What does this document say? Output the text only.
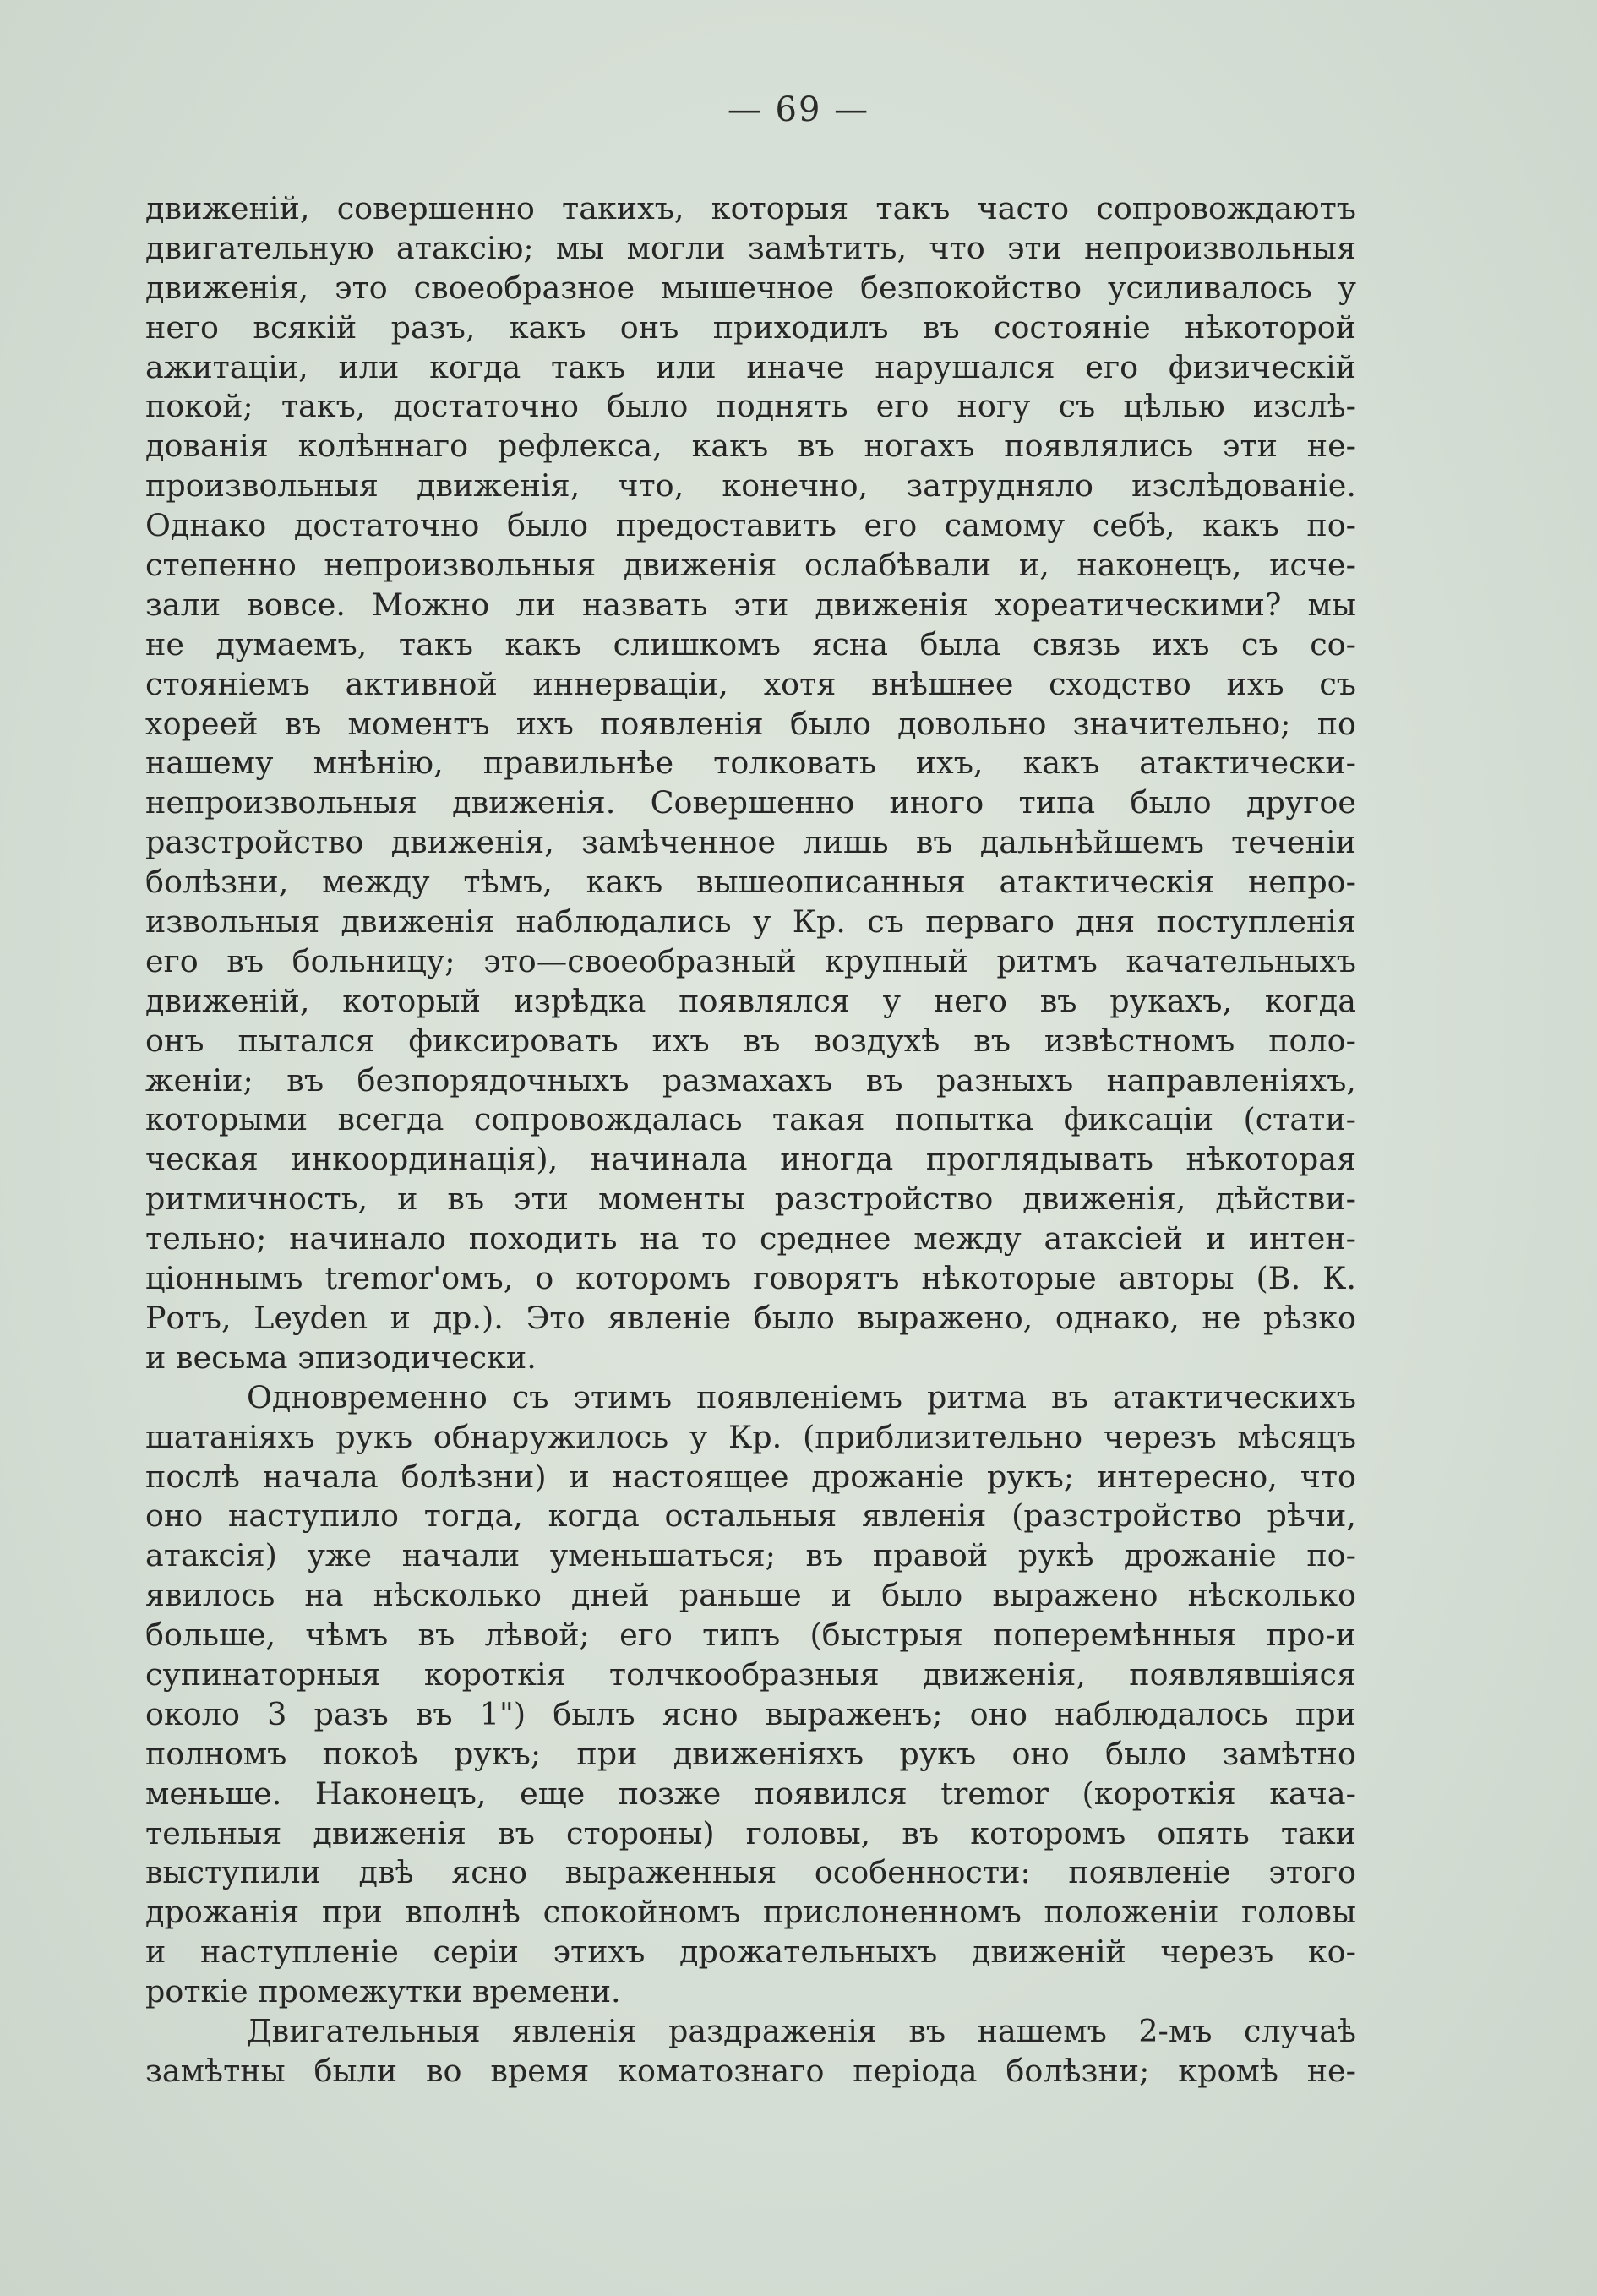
— 69 —
движеній, совершенно такихъ, которыя такъ часто сопровождаютъ
двигательную атаксію; мы могли замѣтить, что эти непроизвольныя
движенія, это своеобразное мышечное безпокойство усиливалось у
него всякій разъ, какъ онъ приходилъ въ состояніе нѣкоторой
ажитаціи, или когда такъ или иначе нарушался его физическій
покой; такъ, достаточно было поднять его ногу съ цѣлью изслѣ-
дованія колѣннаго рефлекса, какъ въ ногахъ появлялись эти не-
произвольныя движенія, что, конечно, затрудняло изслѣдованіе.
Однако достаточно было предоставить его самому себѣ, какъ по-
степенно непроизвольныя движенія ослабѣвали и, наконецъ, исче-
зали вовсе. Можно ли назвать эти движенія хореатическими? мы
не думаемъ, такъ какъ слишкомъ ясна была связь ихъ съ со-
стояніемъ активной иннерваціи, хотя внѣшнее сходство ихъ съ
хореей въ моментъ ихъ появленія было довольно значительно; по
нашему мнѣнію, правильнѣе толковать ихъ, какъ атактически-
непроизвольныя движенія. Совершенно иного типа было другое
разстройство движенія, замѣченное лишь въ дальнѣйшемъ теченіи
болѣзни, между тѣмъ, какъ вышеописанныя атактическія непро-
извольныя движенія наблюдались у Кр. съ перваго дня поступленія
его въ больницу; это—своеобразный крупный ритмъ качательныхъ
движеній, который изрѣдка появлялся у него въ рукахъ, когда
онъ пытался фиксировать ихъ въ воздухѣ въ извѣстномъ поло-
женіи; въ безпорядочныхъ размахахъ въ разныхъ направленіяхъ,
которыми всегда сопровождалась такая попытка фиксаціи (стати-
ческая инкоординація), начинала иногда проглядывать нѣкоторая
ритмичность, и въ эти моменты разстройство движенія, дѣйстви-
тельно; начинало походить на то среднее между атаксіей и интен-
ціоннымъ tremor'омъ, о которомъ говорятъ нѣкоторые авторы (В. К.
Ротъ, Leyden и др.). Это явленіе было выражено, однако, не рѣзко
и весьма эпизодически.
Одновременно съ этимъ появленіемъ ритма въ атактическихъ
шатаніяхъ рукъ обнаружилось у Кр. (приблизительно черезъ мѣсяцъ
послѣ начала болѣзни) и настоящее дрожаніе рукъ; интересно, что
оно наступило тогда, когда остальныя явленія (разстройство рѣчи,
атаксія) уже начали уменьшаться; въ правой рукѣ дрожаніе по-
явилось на нѣсколько дней раньше и было выражено нѣсколько
больше, чѣмъ въ лѣвой; его типъ (быстрыя поперемѣнныя про-и
супинаторныя короткія толчкообразныя движенія, появлявшіяся
около 3 разъ въ 1") былъ ясно выраженъ; оно наблюдалось при
полномъ покоѣ рукъ; при движеніяхъ рукъ оно было замѣтно
меньше. Наконецъ, еще позже появился tremor (короткія кача-
тельныя движенія въ стороны) головы, въ которомъ опять таки
выступили двѣ ясно выраженныя особенности: появленіе этого
дрожанія при вполнѣ спокойномъ прислоненномъ положеніи головы
и наступленіе серіи этихъ дрожательныхъ движеній черезъ ко-
роткіе промежутки времени.
Двигательныя явленія раздраженія въ нашемъ 2-мъ случаѣ
замѣтны были во время коматознаго періода болѣзни; кромѣ не-
